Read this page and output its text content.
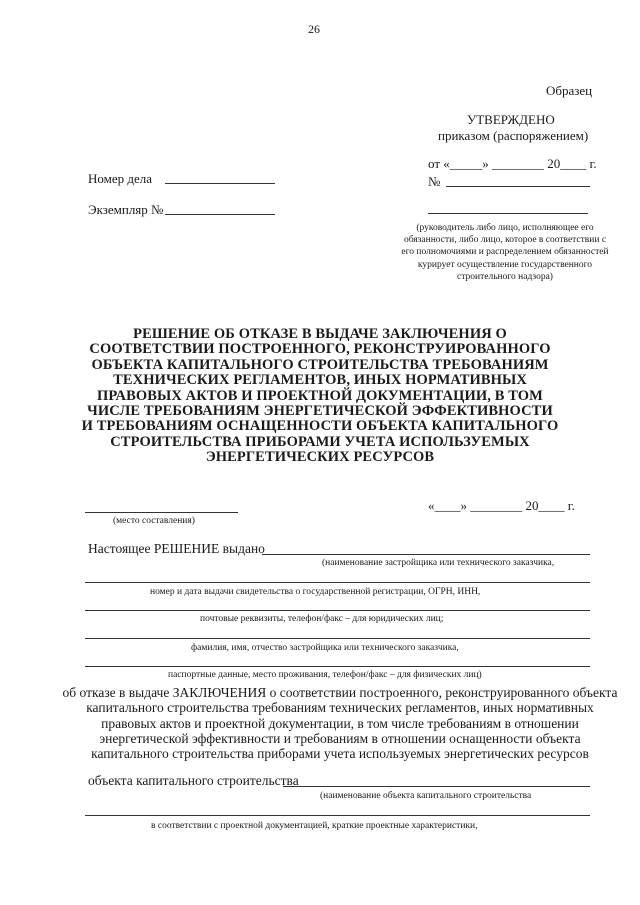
26
Образец
УТВЕРЖДЕНО
приказом (распоряжением)
от «_____» ________ 20____ г.
№
Номер дела
Экземпляр №
(руководитель либо лицо, исполняющее его обязанности, либо лицо, которое в соответствии с его полномочиями и распределением обязанностей курирует осуществление государственного строительного надзора)
РЕШЕНИЕ ОБ ОТКАЗЕ В ВЫДАЧЕ ЗАКЛЮЧЕНИЯ О СООТВЕТСТВИИ ПОСТРОЕННОГО, РЕКОНСТРУИРОВАННОГО ОБЪЕКТА КАПИТАЛЬНОГО СТРОИТЕЛЬСТВА ТРЕБОВАНИЯМ ТЕХНИЧЕСКИХ РЕГЛАМЕНТОВ, ИНЫХ НОРМАТИВНЫХ ПРАВОВЫХ АКТОВ И ПРОЕКТНОЙ ДОКУМЕНТАЦИИ, В ТОМ ЧИСЛЕ ТРЕБОВАНИЯМ ЭНЕРГЕТИЧЕСКОЙ ЭФФЕКТИВНОСТИ И ТРЕБОВАНИЯМ ОСНАЩЕННОСТИ ОБЪЕКТА КАПИТАЛЬНОГО СТРОИТЕЛЬСТВА ПРИБОРАМИ УЧЕТА ИСПОЛЬЗУЕМЫХ ЭНЕРГЕТИЧЕСКИХ РЕСУРСОВ
(место составления)
«____» ________ 20____ г.
Настоящее РЕШЕНИЕ выдано
(наименование застройщика или технического заказчика,
номер и дата выдачи свидетельства о государственной регистрации, ОГРН, ИНН,
почтовые реквизиты, телефон/факс – для юридических лиц;
фамилия, имя, отчество застройщика или технического заказчика,
паспортные данные, место проживания, телефон/факс – для физических лиц)
об отказе в выдаче ЗАКЛЮЧЕНИЯ о соответствии построенного, реконструированного объекта капитального строительства требованиям технических регламентов, иных нормативных правовых актов и проектной документации, в том числе требованиям в отношении энергетической эффективности и требованиям в отношении оснащенности объекта капитального строительства приборами учета используемых энергетических ресурсов
объекта капитального строительства
(наименование объекта капитального строительства
в соответствии с проектной документацией, краткие проектные характеристики,
